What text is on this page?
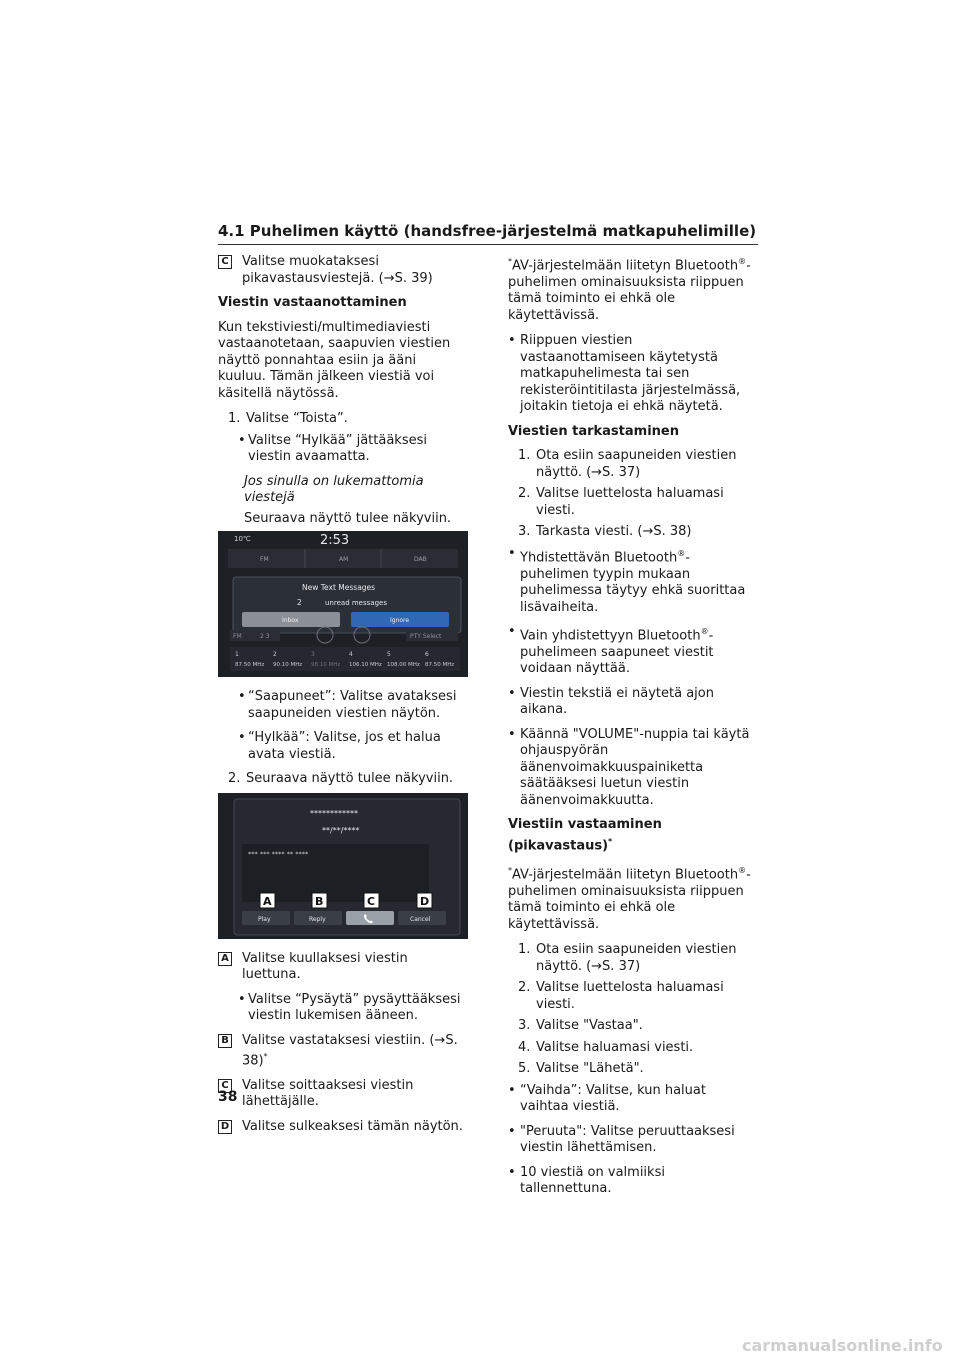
4.1 Puhelimen käyttö (handsfree-järjestelmä matkapuhelimille)
C Valitse muokataksesi pikavastausviestejä. (→S. 39)

Viestin vastaanottaminen

Kun tekstiviesti/multimediaviesti vastaanotetaan, saapuvien viestien näyttö ponnahtaa esiin ja ääni kuuluu. Tämän jälkeen viestiä voi käsitellä näytössä.

1. Valitse “Toista”.
• Valitse “Hylkää” jättääksesi viestin avaamatta.

Jos sinulla on lukemattomia viestejä

Seuraava näyttö tulee näkyviin.

10℃	2:53
FM	AM	DAB
New Text Messages
2	unread messages
Inbox	Ignore
FM	2 3	PTY Select
1
87.50 MHz
2
90.10 MHz
3
98.10 MHz
4
106.10 MHz
5
108.00 MHz
6
87.50 MHz
• “Saapuneet”: Valitse avataksesi saapuneiden viestien näytön.
• “Hylkää”: Valitse, jos et halua avata viestiä.
2. Seuraava näyttö tulee näkyviin.
************
**/**/****
*** *** **** ** ****
A	B	C	D
Play	Reply	Cancel
A Valitse kuullaksesi viestin luettuna.
• Valitse “Pysäytä” pysäyttääksesi viestin lukemisen ääneen.
B Valitse vastataksesi viestiin. (→S. 38)*
C Valitse soittaaksesi viestin lähettäjälle.
D Valitse sulkeaksesi tämän näytön.

*AV-järjestelmään liitetyn Bluetooth®-puhelimen ominaisuuksista riippuen tämä toiminto ei ehkä ole käytettävissä.

• Riippuen viestien vastaanottamiseen käytetystä matkapuhelimesta tai sen rekisteröintitilasta järjestelmässä, joitakin tietoja ei ehkä näytetä.

Viestien tarkastaminen

1. Ota esiin saapuneiden viestien näyttö. (→S. 37)
2. Valitse luettelosta haluamasi viesti.
3. Tarkasta viesti. (→S. 38)
• Yhdistettävän Bluetooth®-puhelimen tyypin mukaan puhelimessa täytyy ehkä suorittaa lisävaiheita.
• Vain yhdistettyyn Bluetooth®-puhelimeen saapuneet viestit voidaan näyttää.
• Viestin tekstiä ei näytetä ajon aikana.
• Käännä "VOLUME"-nuppia tai käytä ohjauspyörän äänenvoimakkuuspainiketta säätääksesi luetun viestin äänenvoimakkuutta.

Viestiin vastaaminen (pikavastaus)*

*AV-järjestelmään liitetyn Bluetooth®-puhelimen ominaisuuksista riippuen tämä toiminto ei ehkä ole käytettävissä.

1. Ota esiin saapuneiden viestien näyttö. (→S. 37)
2. Valitse luettelosta haluamasi viesti.
3. Valitse "Vastaa".
4. Valitse haluamasi viesti.
5. Valitse "Lähetä".
• “Vaihda”: Valitse, kun haluat vaihtaa viestiä.
• "Peruuta": Valitse peruuttaaksesi viestin lähettämisen.
• 10 viestiä on valmiiksi tallennettuna.
38
carmanualsonline.info
